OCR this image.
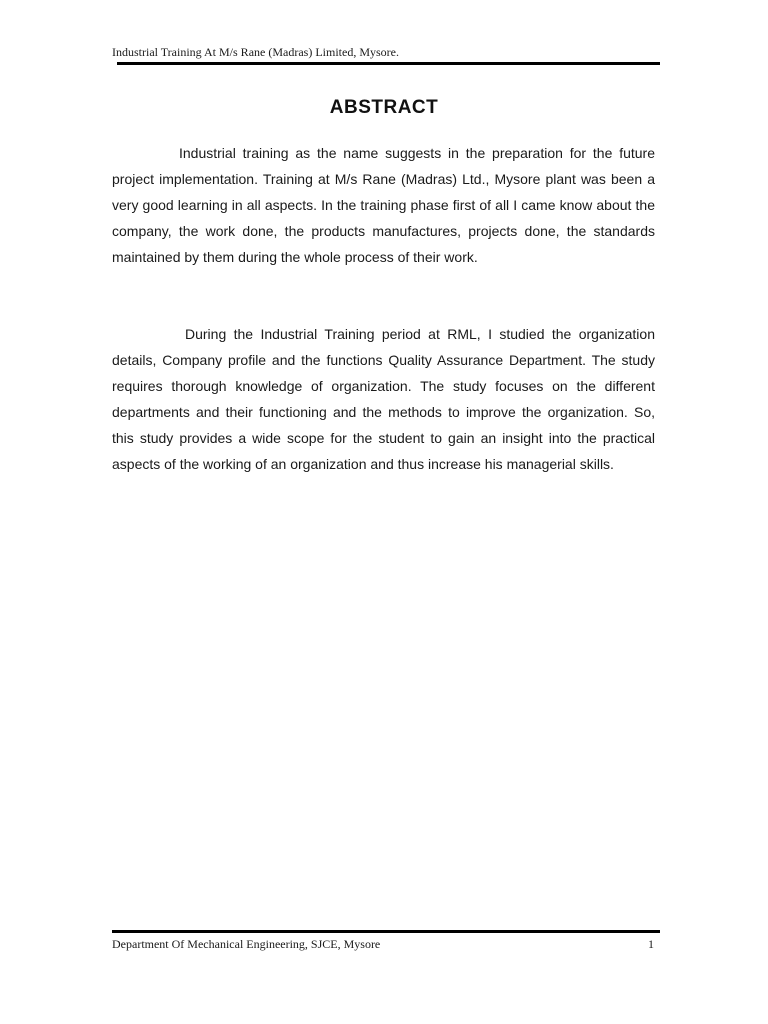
Industrial Training At M/s Rane (Madras) Limited, Mysore.
ABSTRACT

Industrial training as the name suggests in the preparation for the future project implementation. Training at M/s Rane (Madras) Ltd., Mysore plant was been a very good learning in all aspects. In the training phase first of all I came know about the company, the work done, the products manufactures, projects done, the standards maintained by them during the whole process of their work.

During the Industrial Training period at RML, I studied the organization details, Company profile and the functions Quality Assurance Department. The study requires thorough knowledge of organization. The study focuses on the different departments and their functioning and the methods to improve the organization. So, this study provides a wide scope for the student to gain an insight into the practical aspects of the working of an organization and thus increase his managerial skills.

Department Of Mechanical Engineering, SJCE, Mysore	1
